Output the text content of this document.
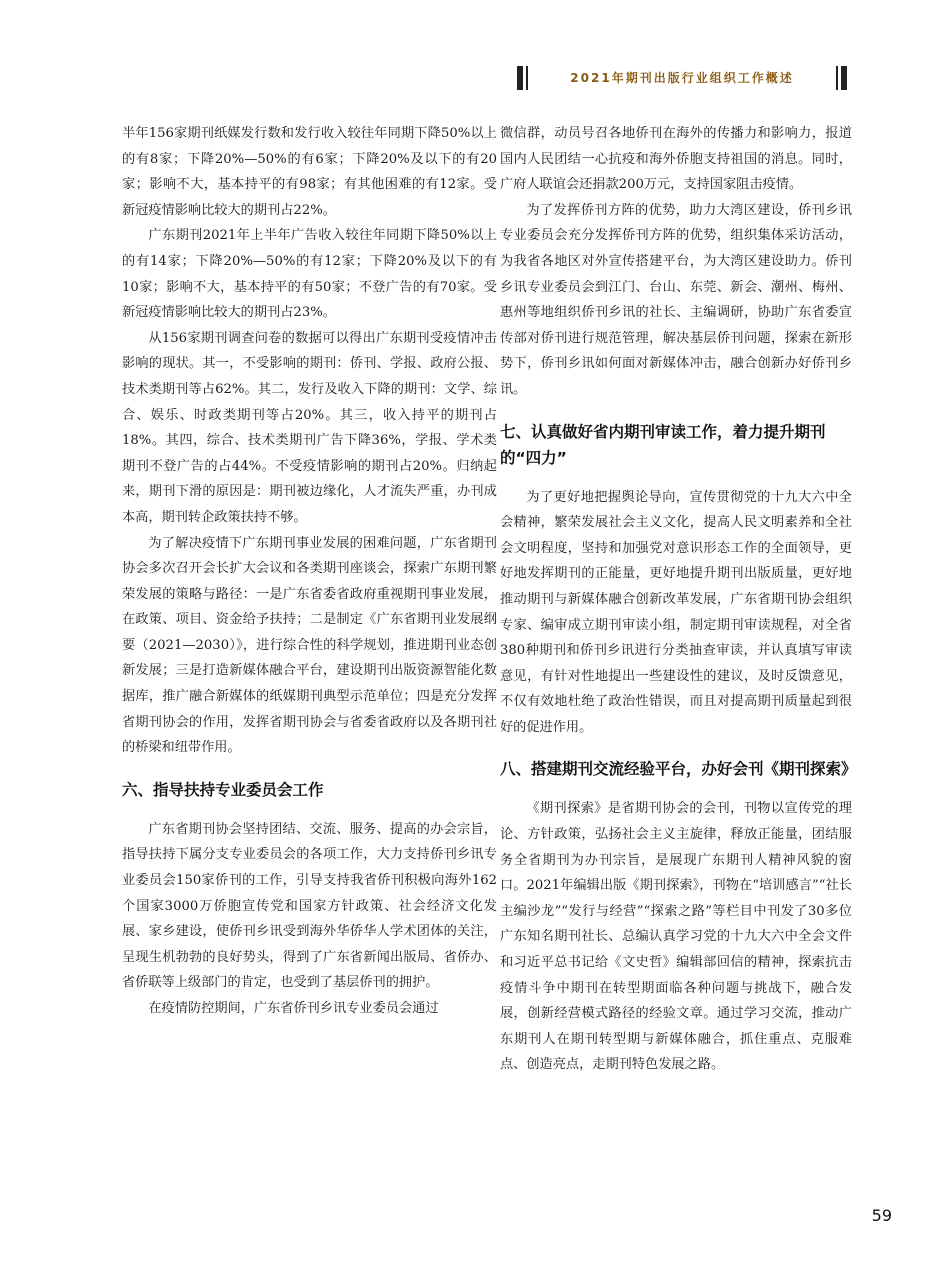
2021年期刊出版行业组织工作概述

半年156家期刊纸媒发行数和发行收入较往年同期下降50%以上的有8家；下降20%—50%的有6家；下降20%及以下的有20家；影响不大，基本持平的有98家；有其他困难的有12家。受新冠疫情影响比较大的期刊占22%。

广东期刊2021年上半年广告收入较往年同期下降50%以上的有14家；下降20%—50%的有12家；下降20%及以下的有10家；影响不大，基本持平的有50家；不登广告的有70家。受新冠疫情影响比较大的期刊占23%。

从156家期刊调查问卷的数据可以得出广东期刊受疫情冲击影响的现状。其一，不受影响的期刊：侨刊、学报、政府公报、技术类期刊等占62%。其二，发行及收入下降的期刊：文学、综合、娱乐、时政类期刊等占20%。其三，收入持平的期刊占18%。其四，综合、技术类期刊广告下降36%，学报、学术类期刊不登广告的占44%。不受疫情影响的期刊占20%。归纳起来，期刊下滑的原因是：期刊被边缘化，人才流失严重，办刊成本高，期刊转企政策扶持不够。

为了解决疫情下广东期刊事业发展的困难问题，广东省期刊协会多次召开会长扩大会议和各类期刊座谈会，探索广东期刊繁荣发展的策略与路径：一是广东省委省政府重视期刊事业发展，在政策、项目、资金给予扶持；二是制定《广东省期刊业发展纲要（2021—2030）》，进行综合性的科学规划，推进期刊业态创新发展；三是打造新媒体融合平台，建设期刊出版资源智能化数据库，推广融合新媒体的纸媒期刊典型示范单位；四是充分发挥省期刊协会的作用，发挥省期刊协会与省委省政府以及各期刊社的桥梁和纽带作用。

六、指导扶持专业委员会工作

广东省期刊协会坚持团结、交流、服务、提高的办会宗旨，指导扶持下属分支专业委员会的各项工作，大力支持侨刊乡讯专业委员会150家侨刊的工作，引导支持我省侨刊积极向海外162个国家3000万侨胞宣传党和国家方针政策、社会经济文化发展、家乡建设，使侨刊乡讯受到海外华侨华人学术团体的关注，呈现生机勃勃的良好势头，得到了广东省新闻出版局、省侨办、省侨联等上级部门的肯定，也受到了基层侨刊的拥护。

在疫情防控期间，广东省侨刊乡讯专业委员会通过

微信群，动员号召各地侨刊在海外的传播力和影响力，报道国内人民团结一心抗疫和海外侨胞支持祖国的消息。同时，广府人联谊会还捐款200万元，支持国家阻击疫情。

为了发挥侨刊方阵的优势，助力大湾区建设，侨刊乡讯专业委员会充分发挥侨刊方阵的优势，组织集体采访活动，为我省各地区对外宣传搭建平台，为大湾区建设助力。侨刊乡讯专业委员会到江门、台山、东莞、新会、潮州、梅州、惠州等地组织侨刊乡讯的社长、主编调研，协助广东省委宣传部对侨刊进行规范管理，解决基层侨刊问题，探索在新形势下，侨刊乡讯如何面对新媒体冲击，融合创新办好侨刊乡讯。

七、认真做好省内期刊审读工作，着力提升期刊的“四力”

为了更好地把握舆论导向，宣传贯彻党的十九大六中全会精神，繁荣发展社会主义文化，提高人民文明素养和全社会文明程度，坚持和加强党对意识形态工作的全面领导，更好地发挥期刊的正能量，更好地提升期刊出版质量，更好地推动期刊与新媒体融合创新改革发展，广东省期刊协会组织专家、编审成立期刊审读小组，制定期刊审读规程，对全省380种期刊和侨刊乡讯进行分类抽查审读，并认真填写审读意见，有针对性地提出一些建设性的建议，及时反馈意见，不仅有效地杜绝了政治性错误，而且对提高期刊质量起到很好的促进作用。

八、搭建期刊交流经验平台，办好会刊《期刊探索》

《期刊探索》是省期刊协会的会刊，刊物以宣传党的理论、方针政策，弘扬社会主义主旋律，释放正能量，团结服务全省期刊为办刊宗旨，是展现广东期刊人精神风貌的窗口。2021年编辑出版《期刊探索》，刊物在“培训感言”“社长主编沙龙”“发行与经营”“探索之路”等栏目中刊发了30多位广东知名期刊社长、总编认真学习党的十九大六中全会文件和习近平总书记给《文史哲》编辑部回信的精神，探索抗击疫情斗争中期刊在转型期面临各种问题与挑战下，融合发展，创新经营模式路径的经验文章。通过学习交流，推动广东期刊人在期刊转型期与新媒体融合，抓住重点、克服难点、创造亮点，走期刊特色发展之路。

59
